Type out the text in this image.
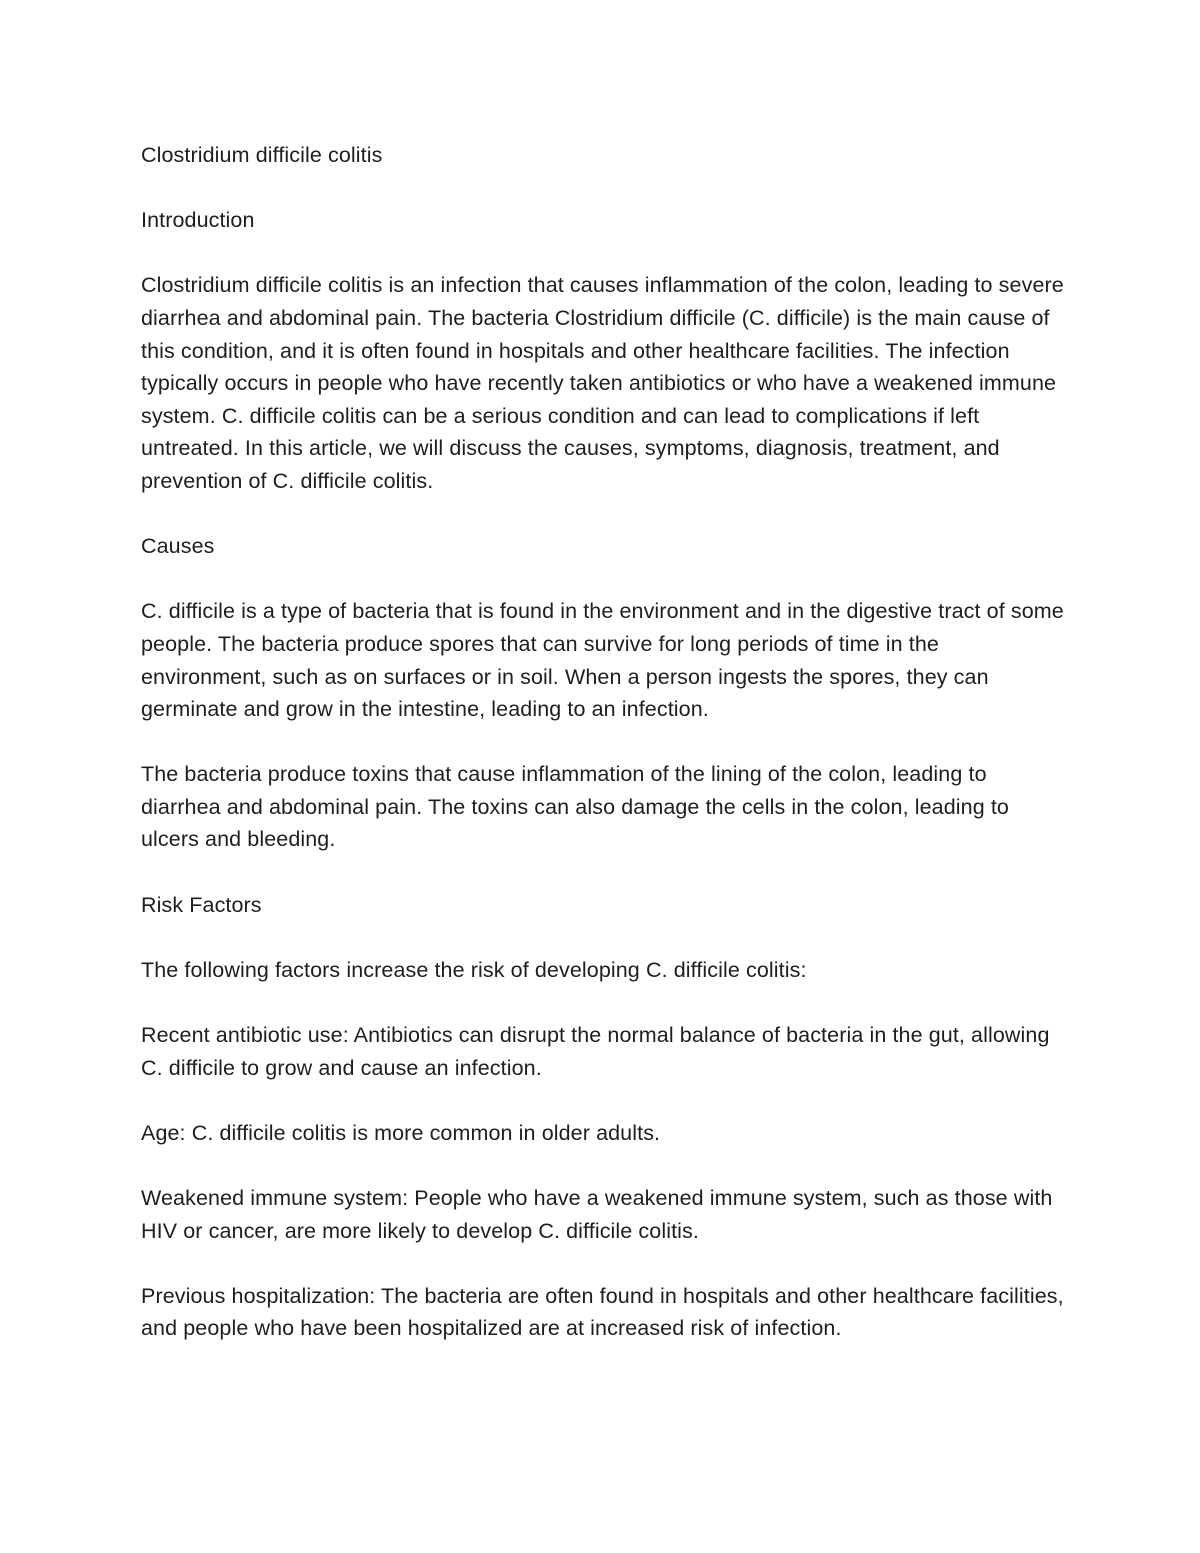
Clostridium difficile colitis

Introduction

Clostridium difficile colitis is an infection that causes inflammation of the colon, leading to severe diarrhea and abdominal pain. The bacteria Clostridium difficile (C. difficile) is the main cause of this condition, and it is often found in hospitals and other healthcare facilities. The infection typically occurs in people who have recently taken antibiotics or who have a weakened immune system. C. difficile colitis can be a serious condition and can lead to complications if left untreated. In this article, we will discuss the causes, symptoms, diagnosis, treatment, and prevention of C. difficile colitis.

Causes

C. difficile is a type of bacteria that is found in the environment and in the digestive tract of some people. The bacteria produce spores that can survive for long periods of time in the environment, such as on surfaces or in soil. When a person ingests the spores, they can germinate and grow in the intestine, leading to an infection.

The bacteria produce toxins that cause inflammation of the lining of the colon, leading to diarrhea and abdominal pain. The toxins can also damage the cells in the colon, leading to ulcers and bleeding.

Risk Factors

The following factors increase the risk of developing C. difficile colitis:

Recent antibiotic use: Antibiotics can disrupt the normal balance of bacteria in the gut, allowing C. difficile to grow and cause an infection.

Age: C. difficile colitis is more common in older adults.

Weakened immune system: People who have a weakened immune system, such as those with HIV or cancer, are more likely to develop C. difficile colitis.

Previous hospitalization: The bacteria are often found in hospitals and other healthcare facilities, and people who have been hospitalized are at increased risk of infection.
